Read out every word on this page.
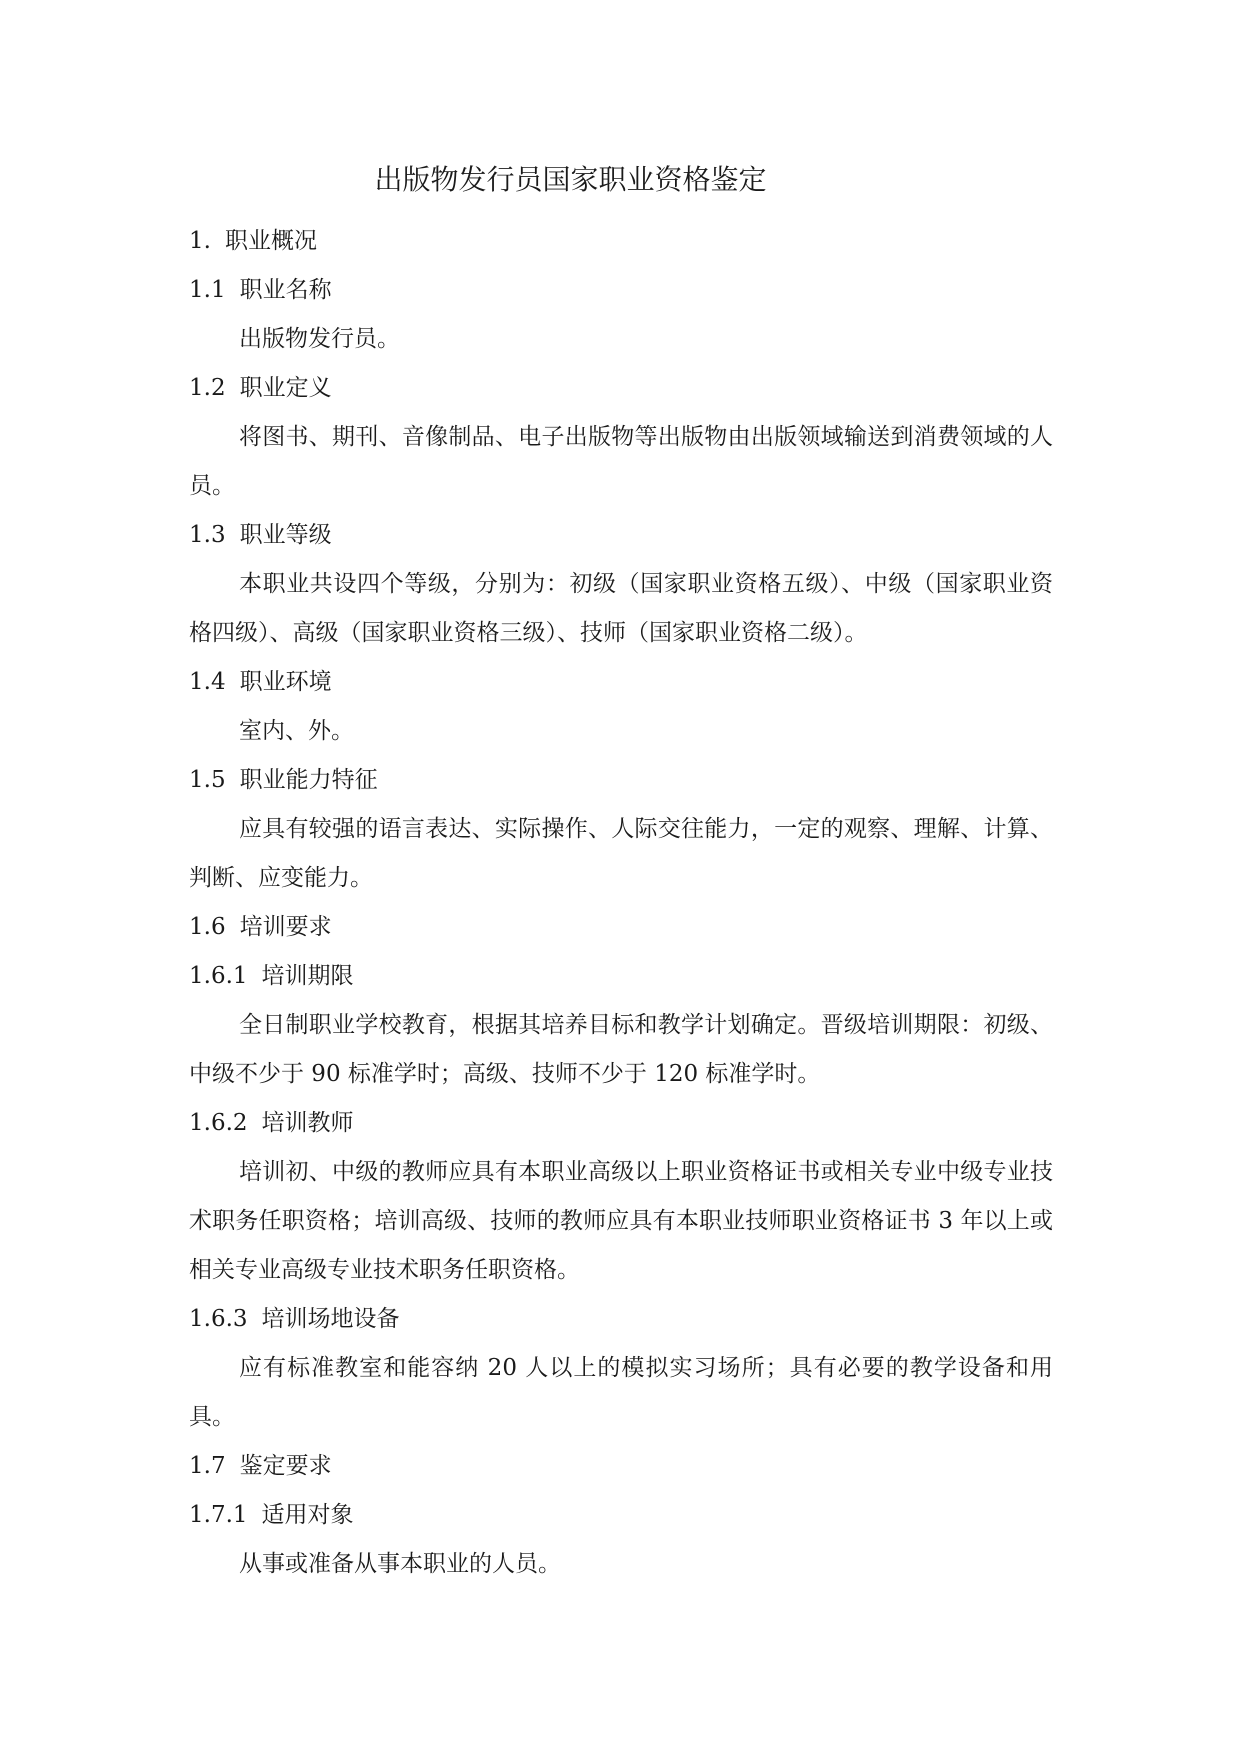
出版物发行员国家职业资格鉴定
1. 职业概况
1.1 职业名称

出版物发行员。

1.2 职业定义

将图书、期刊、音像制品、电子出版物等出版物由出版领域输送到消费领域的人员。

1.3 职业等级

本职业共设四个等级，分别为：初级（国家职业资格五级）、中级（国家职业资格四级）、高级（国家职业资格三级）、技师（国家职业资格二级）。

1.4 职业环境

室内、外。

1.5 职业能力特征

应具有较强的语言表达、实际操作、人际交往能力，一定的观察、理解、计算、判断、应变能力。

1.6 培训要求
1.6.1 培训期限

全日制职业学校教育，根据其培养目标和教学计划确定。晋级培训期限：初级、中级不少于 90 标准学时；高级、技师不少于 120 标准学时。

1.6.2 培训教师

培训初、中级的教师应具有本职业高级以上职业资格证书或相关专业中级专业技术职务任职资格；培训高级、技师的教师应具有本职业技师职业资格证书 3 年以上或相关专业高级专业技术职务任职资格。

1.6.3 培训场地设备

应有标准教室和能容纳 20 人以上的模拟实习场所；具有必要的教学设备和用具。

1.7 鉴定要求
1.7.1 适用对象

从事或准备从事本职业的人员。
